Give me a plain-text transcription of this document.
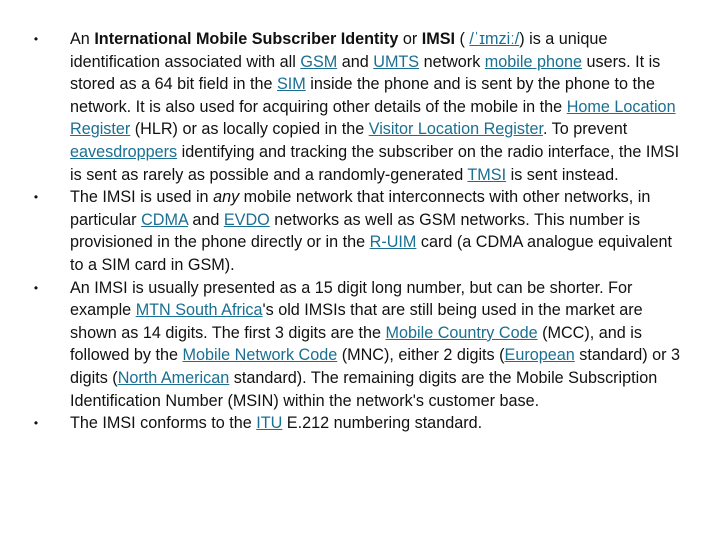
• An International Mobile Subscriber Identity or IMSI ( /ˈɪmziː/) is a unique identification associated with all GSM and UMTS network mobile phone users. It is stored as a 64 bit field in the SIM inside the phone and is sent by the phone to the network. It is also used for acquiring other details of the mobile in the Home Location Register (HLR) or as locally copied in the Visitor Location Register. To prevent eavesdroppers identifying and tracking the subscriber on the radio interface, the IMSI is sent as rarely as possible and a randomly-generated TMSI is sent instead.
• The IMSI is used in any mobile network that interconnects with other networks, in particular CDMA and EVDO networks as well as GSM networks. This number is provisioned in the phone directly or in the R-UIM card (a CDMA analogue equivalent to a SIM card in GSM).
• An IMSI is usually presented as a 15 digit long number, but can be shorter. For example MTN South Africa's old IMSIs that are still being used in the market are shown as 14 digits. The first 3 digits are the Mobile Country Code (MCC), and is followed by the Mobile Network Code (MNC), either 2 digits (European standard) or 3 digits (North American standard). The remaining digits are the Mobile Subscription Identification Number (MSIN) within the network's customer base.
• The IMSI conforms to the ITU E.212 numbering standard.
